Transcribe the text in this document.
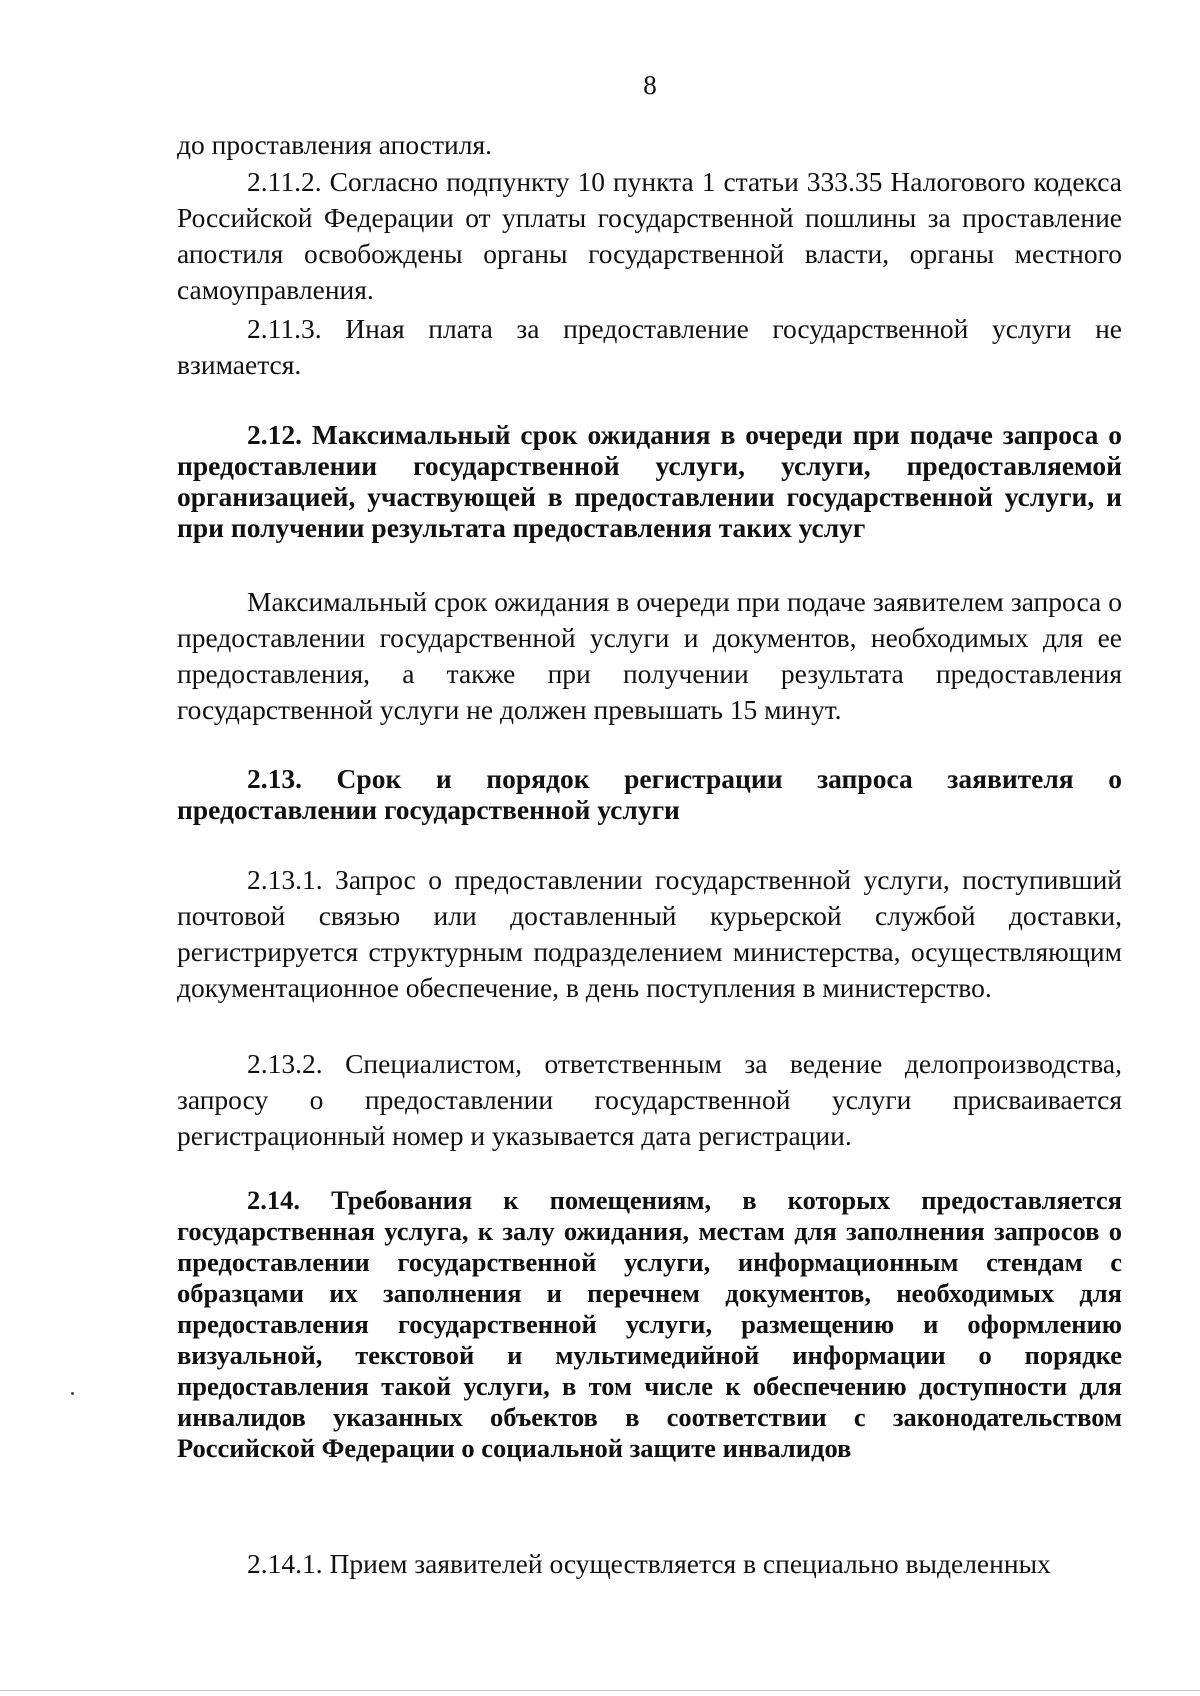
8

до проставления апостиля.

2.11.2. Согласно подпункту 10 пункта 1 статьи 333.35 Налогового кодекса Российской Федерации от уплаты государственной пошлины за проставление апостиля освобождены органы государственной власти, органы местного самоуправления.

2.11.3. Иная плата за предоставление государственной услуги не взимается.

2.12. Максимальный срок ожидания в очереди при подаче запроса о предоставлении государственной услуги, услуги, предоставляемой организацией, участвующей в предоставлении государственной услуги, и при получении результата предоставления таких услуг

Максимальный срок ожидания в очереди при подаче заявителем запроса о предоставлении государственной услуги и документов, необходимых для ее предоставления, а также при получении результата предоставления государственной услуги не должен превышать 15 минут.

2.13. Срок и порядок регистрации запроса заявителя о предоставлении государственной услуги

2.13.1. Запрос о предоставлении государственной услуги, поступивший почтовой связью или доставленный курьерской службой доставки, регистрируется структурным подразделением министерства, осуществляющим документационное обеспечение, в день поступления в министерство.

2.13.2. Специалистом, ответственным за ведение делопроизводства, запросу о предоставлении государственной услуги присваивается регистрационный номер и указывается дата регистрации.

2.14. Требования к помещениям, в которых предоставляется государственная услуга, к залу ожидания, местам для заполнения запросов о предоставлении государственной услуги, информационным стендам с образцами их заполнения и перечнем документов, необходимых для предоставления государственной услуги, размещению и оформлению визуальной, текстовой и мультимедийной информации о порядке предоставления такой услуги, в том числе к обеспечению доступности для инвалидов указанных объектов в соответствии с законодательством Российской Федерации о социальной защите инвалидов

2.14.1. Прием заявителей осуществляется в специально выделенных
